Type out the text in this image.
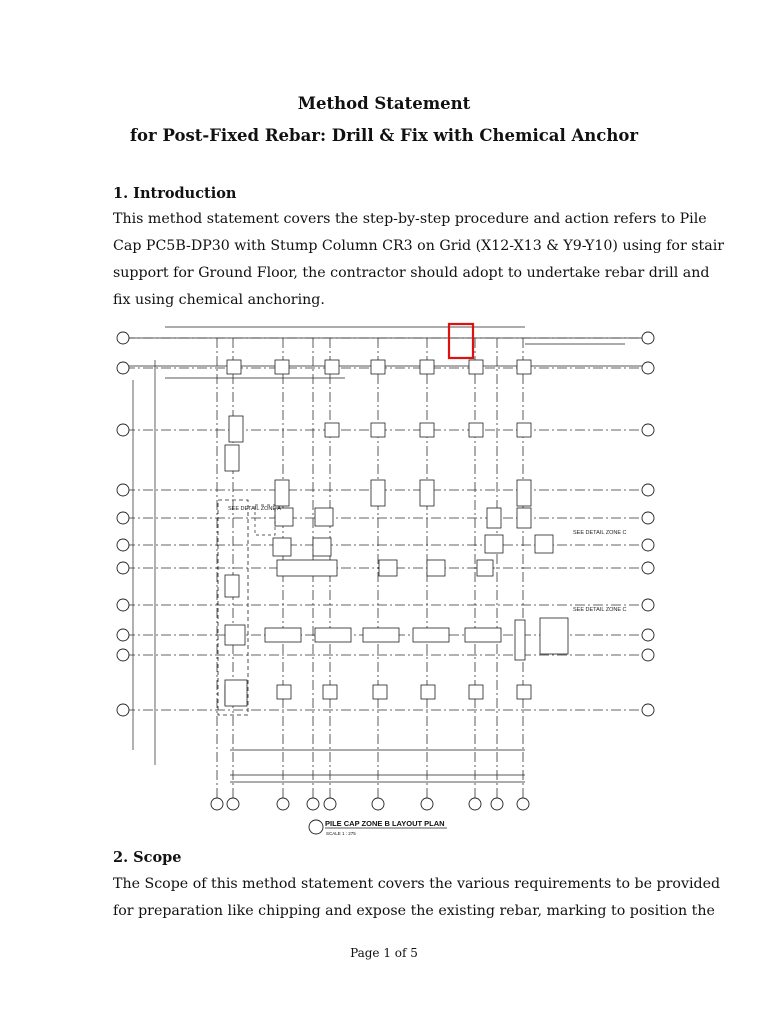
Method Statement
for Post-Fixed Rebar: Drill & Fix with Chemical Anchor
1. Introduction
This method statement covers the step-by-step procedure and action refers to Pile
Cap PC5B-DP30 with Stump Column CR3 on Grid (X12-X13 & Y9-Y10) using for stair
support for Ground Floor, the contractor should adopt to undertake rebar drill and
fix using chemical anchoring.
SEE DETAIL ZONE C
SEE DETAIL ZONE C
SEE DETAIL ZONE A
PILE CAP ZONE B LAYOUT PLAN
SCALE 1 : 275
2. Scope
The Scope of this method statement covers the various requirements to be provided
for preparation like chipping and expose the existing rebar, marking to position the
Page 1 of 5
